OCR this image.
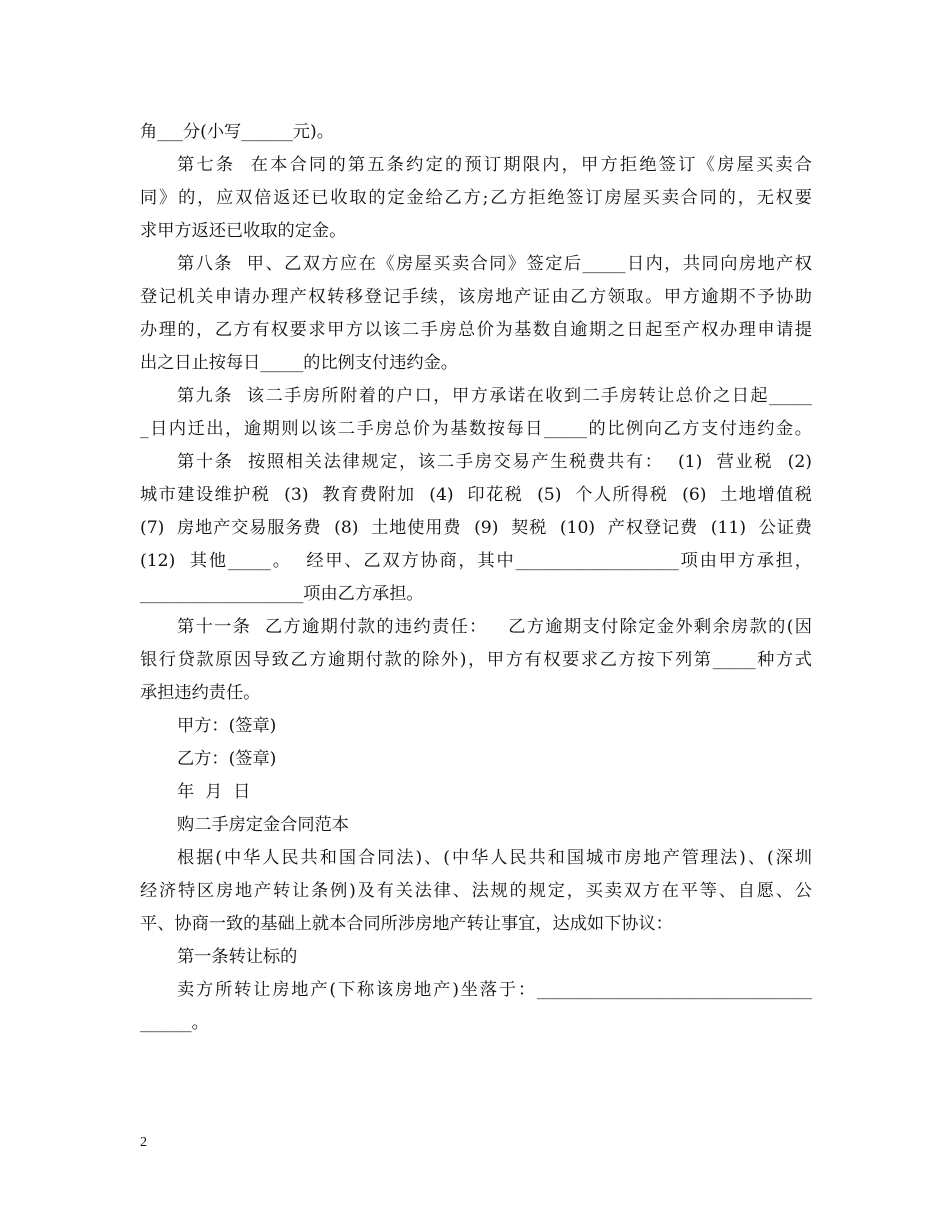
角___分(小写______元)。
第七条  在本合同的第五条约定的预订期限内，甲方拒绝签订《房屋买卖合
同》的，应双倍返还已收取的定金给乙方;乙方拒绝签订房屋买卖合同的，无权要
求甲方返还已收取的定金。
第八条  甲、乙双方应在《房屋买卖合同》签定后_____日内，共同向房地产权
登记机关申请办理产权转移登记手续，该房地产证由乙方领取。甲方逾期不予协助
办理的，乙方有权要求甲方以该二手房总价为基数自逾期之日起至产权办理申请提
出之日止按每日_____的比例支付违约金。
第九条  该二手房所附着的户口，甲方承诺在收到二手房转让总价之日起_____
_日内迁出，逾期则以该二手房总价为基数按每日_____的比例向乙方支付违约金。
第十条  按照相关法律规定，该二手房交易产生税费共有：  (1)  营业税  (2)
城市建设维护税  (3)  教育费附加  (4)  印花税  (5)  个人所得税  (6)  土地增值税
(7)  房地产交易服务费  (8)  土地使用费  (9)  契税  (10)  产权登记费  (11)  公证费
(12)  其他_____。  经甲、乙双方协商，其中___________________项由甲方承担，
___________________项由乙方承担。
第十一条  乙方逾期付款的违约责任：   乙方逾期支付除定金外剩余房款的(因
银行贷款原因导致乙方逾期付款的除外)，甲方有权要求乙方按下列第_____种方式
承担违约责任。
甲方：(签章)
乙方：(签章)
年  月  日
购二手房定金合同范本
根据(中华人民共和国合同法)、(中华人民共和国城市房地产管理法)、(深圳
经济特区房地产转让条例)及有关法律、法规的规定，买卖双方在平等、自愿、公
平、协商一致的基础上就本合同所涉房地产转让事宜，达成如下协议：
第一条转让标的
卖方所转让房地产(下称该房地产)坐落于：________________________________
______。
2
